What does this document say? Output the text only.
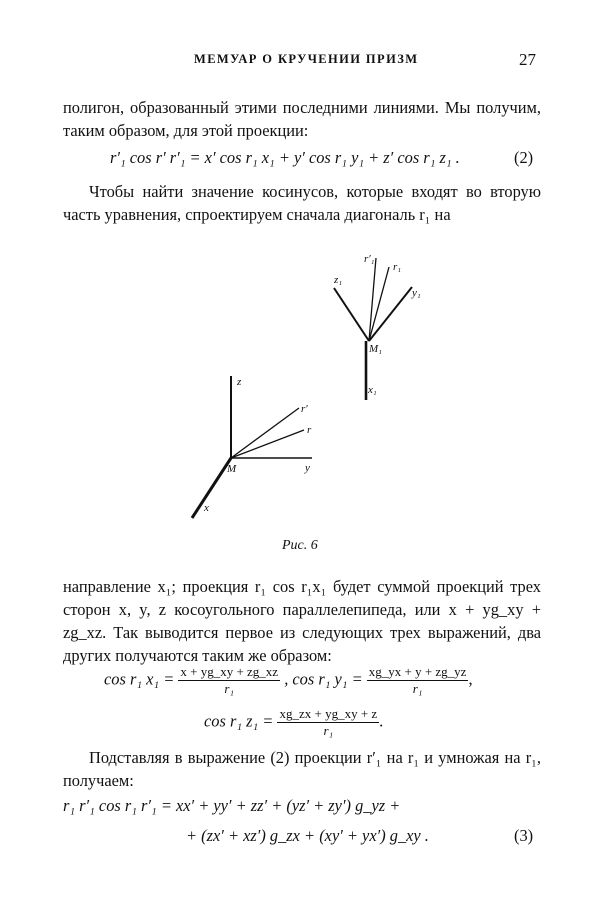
МЕМУАР О КРУЧЕНИИ ПРИЗМ	27
полигон, образованный этими последними линиями. Мы получим, таким образом, для этой проекции:
r′₁ cos r′ r′₁ = x′ cos r₁ x₁ + y′ cos r₁ y₁ + z′ cos r₁ z₁ .	(2)
Чтобы найти значение косинусов, которые входят во вторую часть уравнения, спроектируем сначала диагональ r₁ на
z₁
r′₁
r₁
y₁
M₁
x₁
z
r′
r
M	y
x
Рис. 6
направление x₁; проекция r₁ cos r₁x₁ будет суммой проекций трех сторон x, y, z косоугольного параллелепипеда, или x + yg_xy + zg_xz. Так выводится первое из следующих трех выражений, два других получаются таким же образом:
cos r₁ $x_1 = \frac{x + yg\_xy + zg\_xz}{\text{r₁}}$ , cos r₁ $y_1 = \frac{xg\_yx + y + zg\_yz}{\text{r₁}}$ ,
cos r₁ $z_1 = \frac{xg\_zx + yg\_xy + z}{\text{r₁}}$ .
Подставляя в выражение (2) проекции r′₁ на r₁ и умножая на r₁, получаем:
r₁ r′₁ cos r₁ r′₁ = xx′ + yy′ + zz′ + (yz′ + zy′) g_yz +
+ (zx′ + xz′) g_zx + (xy′ + yx′) g_xy .	(3)
